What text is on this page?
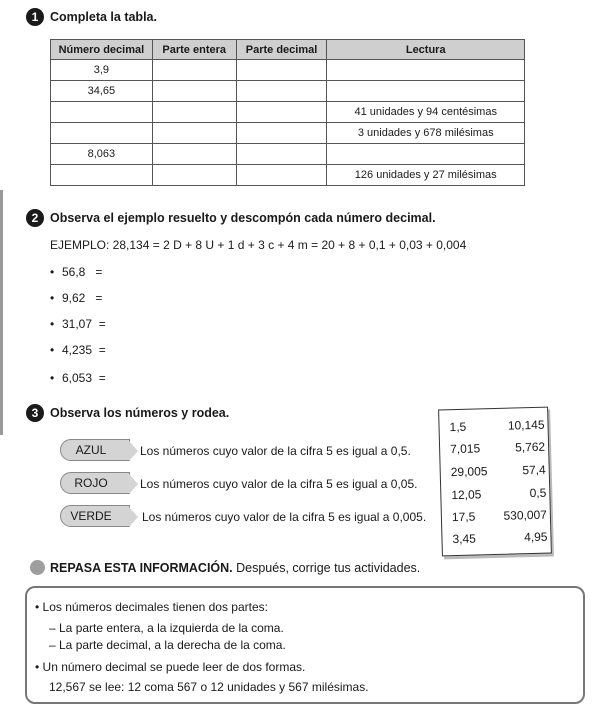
1 Completa la tabla.
Número decimal	Parte entera	Parte decimal	Lectura
3,9			
34,65			
			41 unidades y 94 centésimas
			3 unidades y 678 milésimas
8,063			
			126 unidades y 27 milésimas
2 Observa el ejemplo resuelto y descompón cada número decimal.
EJEMPLO: 28,134 = 2 D + 8 U + 1 d + 3 c + 4 m = 20 + 8 + 0,1 + 0,03 + 0,004
• 56,8 =
• 9,62 =
• 31,07 =
• 4,235 =
• 6,053 =
3 Observa los números y rodea.
AZUL	Los números cuyo valor de la cifra 5 es igual a 0,5.
ROJO	Los números cuyo valor de la cifra 5 es igual a 0,05.
VERDE	Los números cuyo valor de la cifra 5 es igual a 0,005.
1,5	10,145
7,015	5,762
29,005	57,4
12,05	0,5
17,5 530,007
3,45	4,95
REPASA ESTA INFORMACIÓN. Después, corrige tus actividades.
• Los números decimales tienen dos partes:
– La parte entera, a la izquierda de la coma.
– La parte decimal, a la derecha de la coma.
• Un número decimal se puede leer de dos formas.
12,567 se lee: 12 coma 567 o 12 unidades y 567 milésimas.
